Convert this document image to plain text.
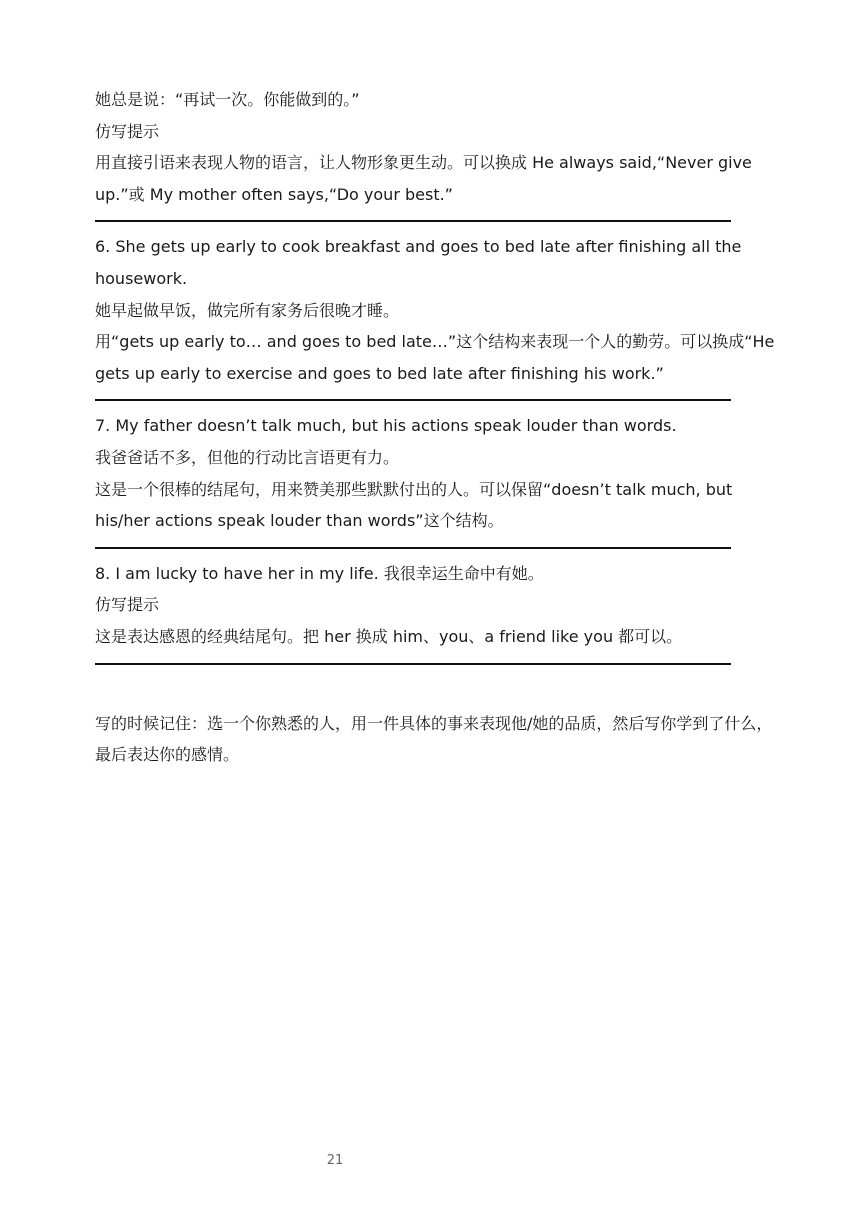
她总是说：“再试一次。你能做到的。”

仿写提示

用直接引语来表现人物的语言，让人物形象更生动。可以换成 He always said,“Never give up.”或 My mother often says,“Do your best.”

6. She gets up early to cook breakfast and goes to bed late after finishing all the housework.

她早起做早饭，做完所有家务后很晚才睡。

用“gets up early to… and goes to bed late…”这个结构来表现一个人的勤劳。可以换成“He gets up early to exercise and goes to bed late after finishing his work.”

7. My father doesn’t talk much, but his actions speak louder than words.

我爸爸话不多，但他的行动比言语更有力。

这是一个很棒的结尾句，用来赞美那些默默付出的人。可以保留“doesn’t talk much, but his/her actions speak louder than words”这个结构。

8. I am lucky to have her in my life. 我很幸运生命中有她。

仿写提示

这是表达感恩的经典结尾句。把 her 换成 him、you、a friend like you 都可以。

写的时候记住：选一个你熟悉的人，用一件具体的事来表现他/她的品质，然后写你学到了什么，最后表达你的感情。

21
